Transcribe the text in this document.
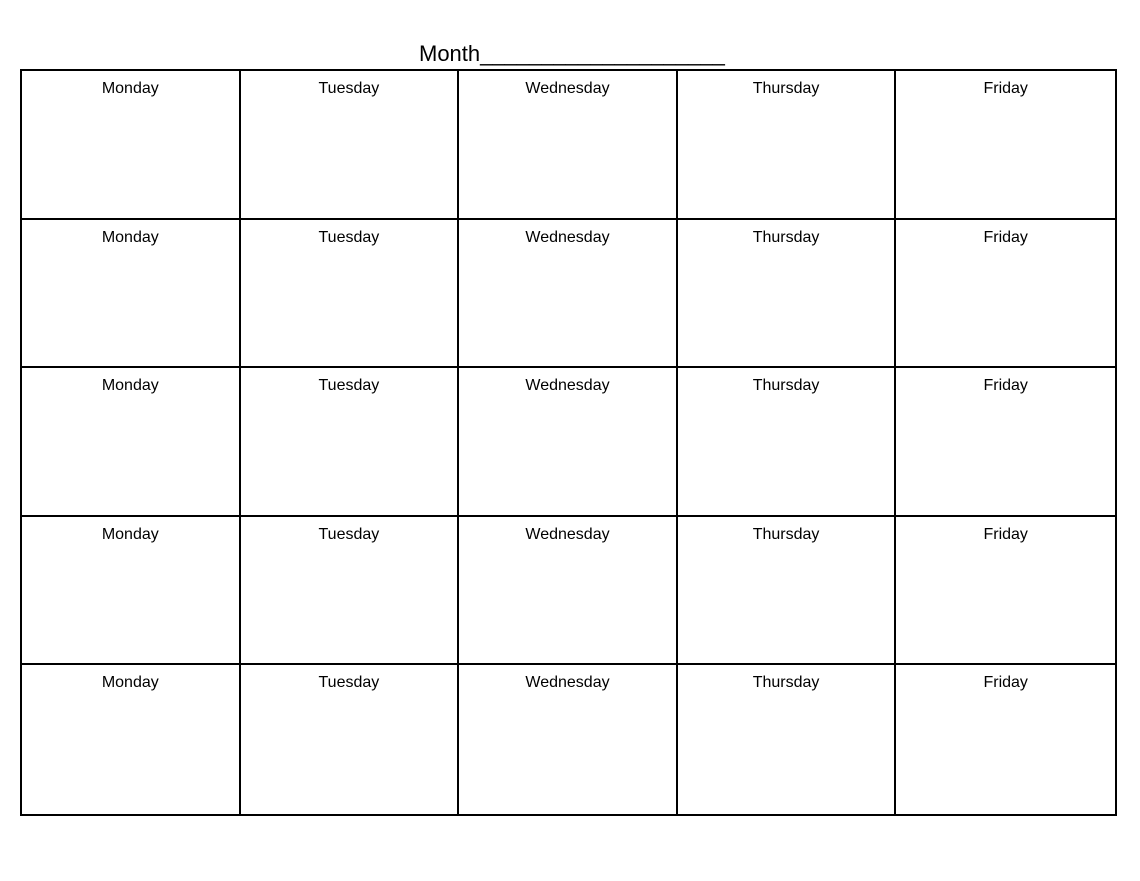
Month____________________
Monday	Tuesday	Wednesday	Thursday	Friday
Monday	Tuesday	Wednesday	Thursday	Friday
Monday	Tuesday	Wednesday	Thursday	Friday
Monday	Tuesday	Wednesday	Thursday	Friday
Monday	Tuesday	Wednesday	Thursday	Friday
